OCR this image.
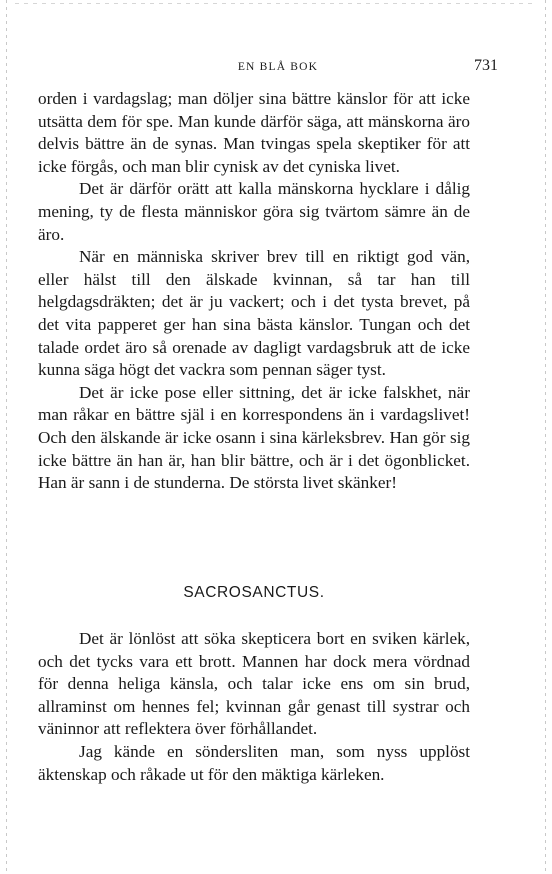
EN BLÅ BOK	731

orden i vardagslag; man döljer sina bättre känslor för att icke utsätta dem för spe. Man kunde därför säga, att mänskorna äro delvis bättre än de synas. Man tvingas spela skeptiker för att icke förgås, och man blir cynisk av det cyniska livet.

Det är därför orätt att kalla mänskorna hycklare i dålig mening, ty de flesta människor göra sig tvärtom sämre än de äro.

När en människa skriver brev till en riktigt god vän, eller hälst till den älskade kvinnan, så tar han till helgdagsdräkten; det är ju vackert; och i det tysta brevet, på det vita papperet ger han sina bästa känslor. Tungan och det talade ordet äro så orenade av dagligt vardagsbruk att de icke kunna säga högt det vackra som pennan säger tyst.

Det är icke pose eller sittning, det är icke falskhet, när man råkar en bättre själ i en korrespondens än i vardagslivet! Och den älskande är icke osann i sina kärleksbrev. Han gör sig icke bättre än han är, han blir bättre, och är i det ögonblicket. Han är sann i de stunderna. De största livet skänker!

SACROSANCTUS.

Det är lönlöst att söka skepticera bort en sviken kärlek, och det tycks vara ett brott. Mannen har dock mera vördnad för denna heliga känsla, och talar icke ens om sin brud, allraminst om hennes fel; kvinnan går genast till systrar och väninnor att reflektera över förhållandet.

Jag kände en söndersliten man, som nyss upplöst äktenskap och råkade ut för den mäktiga kärleken.
